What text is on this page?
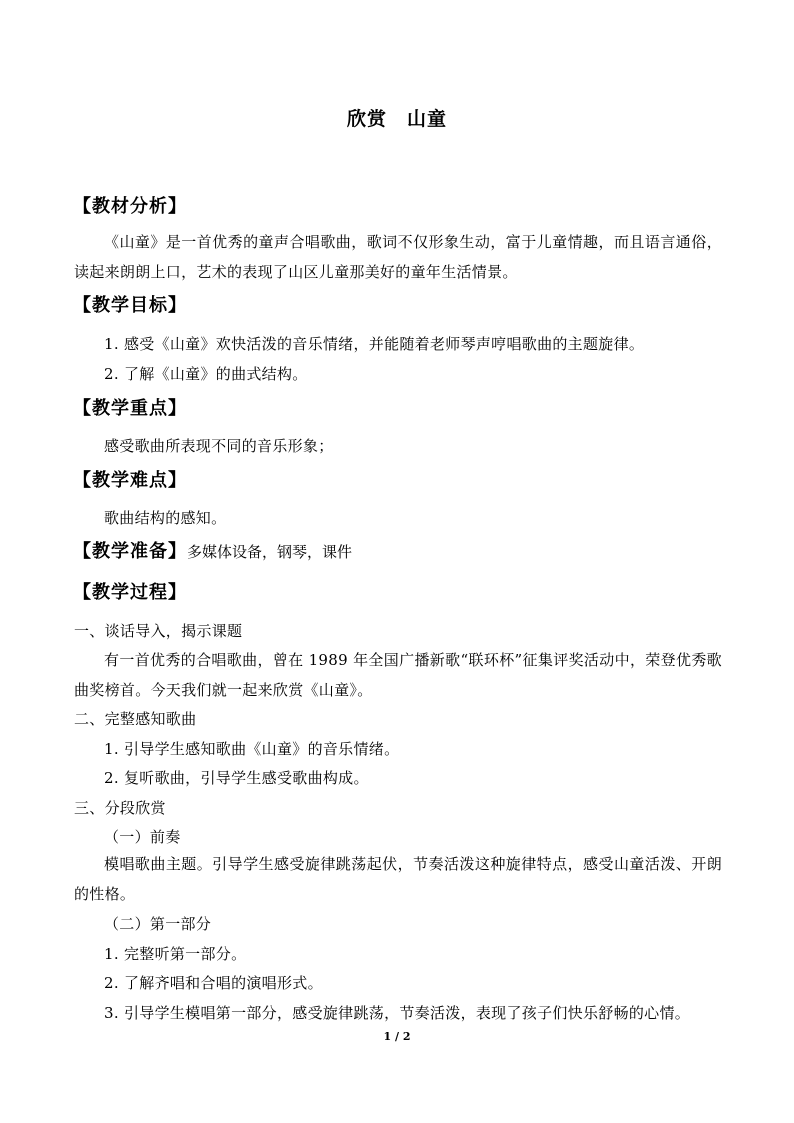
欣赏　山童
【教材分析】
《山童》是一首优秀的童声合唱歌曲，歌词不仅形象生动，富于儿童情趣，而且语言通俗，读起来朗朗上口，艺术的表现了山区儿童那美好的童年生活情景。
【教学目标】
1. 感受《山童》欢快活泼的音乐情绪，并能随着老师琴声哼唱歌曲的主题旋律。
2. 了解《山童》的曲式结构。
【教学重点】
感受歌曲所表现不同的音乐形象；
【教学难点】
歌曲结构的感知。
【教学准备】多媒体设备，钢琴，课件
【教学过程】
一、谈话导入，揭示课题
有一首优秀的合唱歌曲，曾在 1989 年全国广播新歌“联环杯”征集评奖活动中，荣登优秀歌曲奖榜首。今天我们就一起来欣赏《山童》。
二、完整感知歌曲
1. 引导学生感知歌曲《山童》的音乐情绪。
2. 复听歌曲，引导学生感受歌曲构成。
三、分段欣赏
（一）前奏
模唱歌曲主题。引导学生感受旋律跳荡起伏，节奏活泼这种旋律特点，感受山童活泼、开朗的性格。
（二）第一部分
1. 完整听第一部分。
2. 了解齐唱和合唱的演唱形式。
3. 引导学生模唱第一部分，感受旋律跳荡，节奏活泼，表现了孩子们快乐舒畅的心情。
1 / 2
